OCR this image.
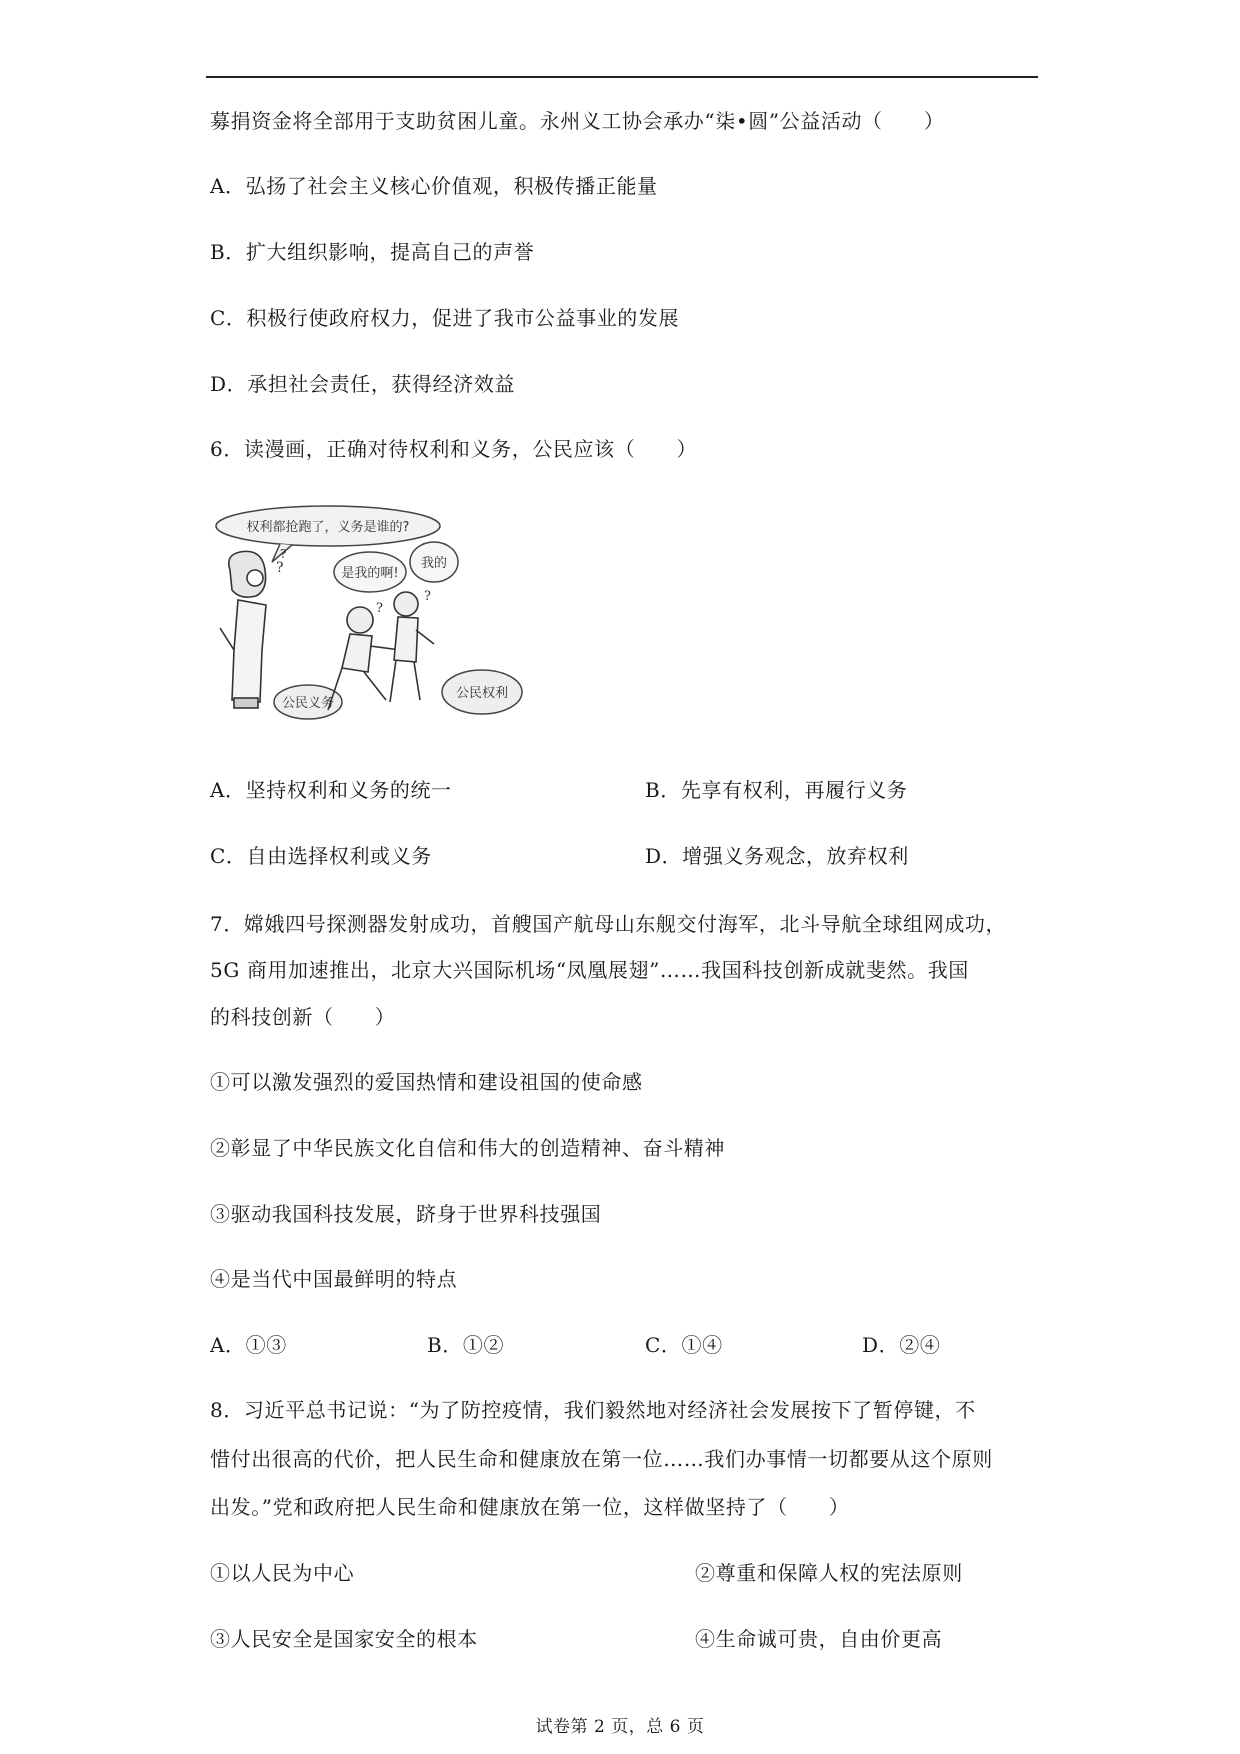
募捐资金将全部用于支助贫困儿童。永州义工协会承办“柒•圆”公益活动（　　）
A．弘扬了社会主义核心价值观，积极传播正能量
B．扩大组织影响，提高自己的声誉
C．积极行使政府权力，促进了我市公益事业的发展
D．承担社会责任，获得经济效益
6．读漫画，正确对待权利和义务，公民应该（　　）
权利都抢跑了，义务是谁的?
?
?
公民义务
是我的啊!
我的
?
?
公民权利
A．坚持权利和义务的统一	B．先享有权利，再履行义务
C．自由选择权利或义务	D．增强义务观念，放弃权利
7．嫦娥四号探测器发射成功，首艘国产航母山东舰交付海军，北斗导航全球组网成功，
5G 商用加速推出，北京大兴国际机场“凤凰展翅”……我国科技创新成就斐然。我国
的科技创新（　　）
①可以激发强烈的爱国热情和建设祖国的使命感
②彰显了中华民族文化自信和伟大的创造精神、奋斗精神
③驱动我国科技发展，跻身于世界科技强国
④是当代中国最鲜明的特点
A．①③	B．①②	C．①④	D．②④
8．习近平总书记说：“为了防控疫情，我们毅然地对经济社会发展按下了暂停键，不
惜付出很高的代价，把人民生命和健康放在第一位……我们办事情一切都要从这个原则
出发。”党和政府把人民生命和健康放在第一位，这样做坚持了（　　）
①以人民为中心	②尊重和保障人权的宪法原则
③人民安全是国家安全的根本	④生命诚可贵，自由价更高
试卷第 2 页，总 6 页
